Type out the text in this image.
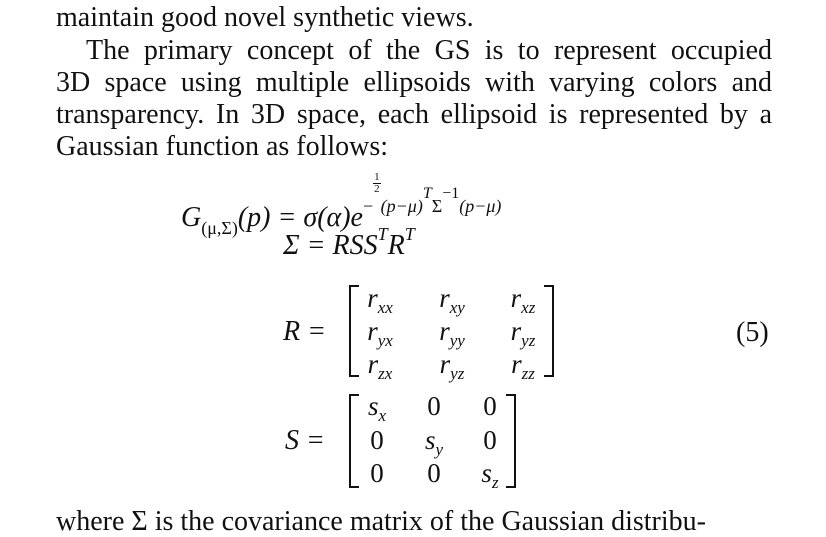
maintain good novel synthetic views.
The primary concept of the GS is to represent occupied
3D space using multiple ellipsoids with varying colors and
transparency. In 3D space, each ellipsoid is represented by a
Gaussian function as follows:
$G_{(\mu,\Sigma)}(p) = \sigma(\alpha)e^{- \frac{1}{2} (p-\mu)T\Sigma-1(p-\mu)}$
$\Sigma = RSS^TR^T$
R =
$r_{xx}$	$r_{xy}$	$r_{xz}$
$r_{yx}$	$r_{yy}$	$r_{yz}$
$r_{zx}$	$r_{yz}$	$r_{zz}$
(5)
S =
$s_x$	0	0
0	$s_y$	0
0	0	$s_z$
where Σ is the covariance matrix of the Gaussian distribu-
